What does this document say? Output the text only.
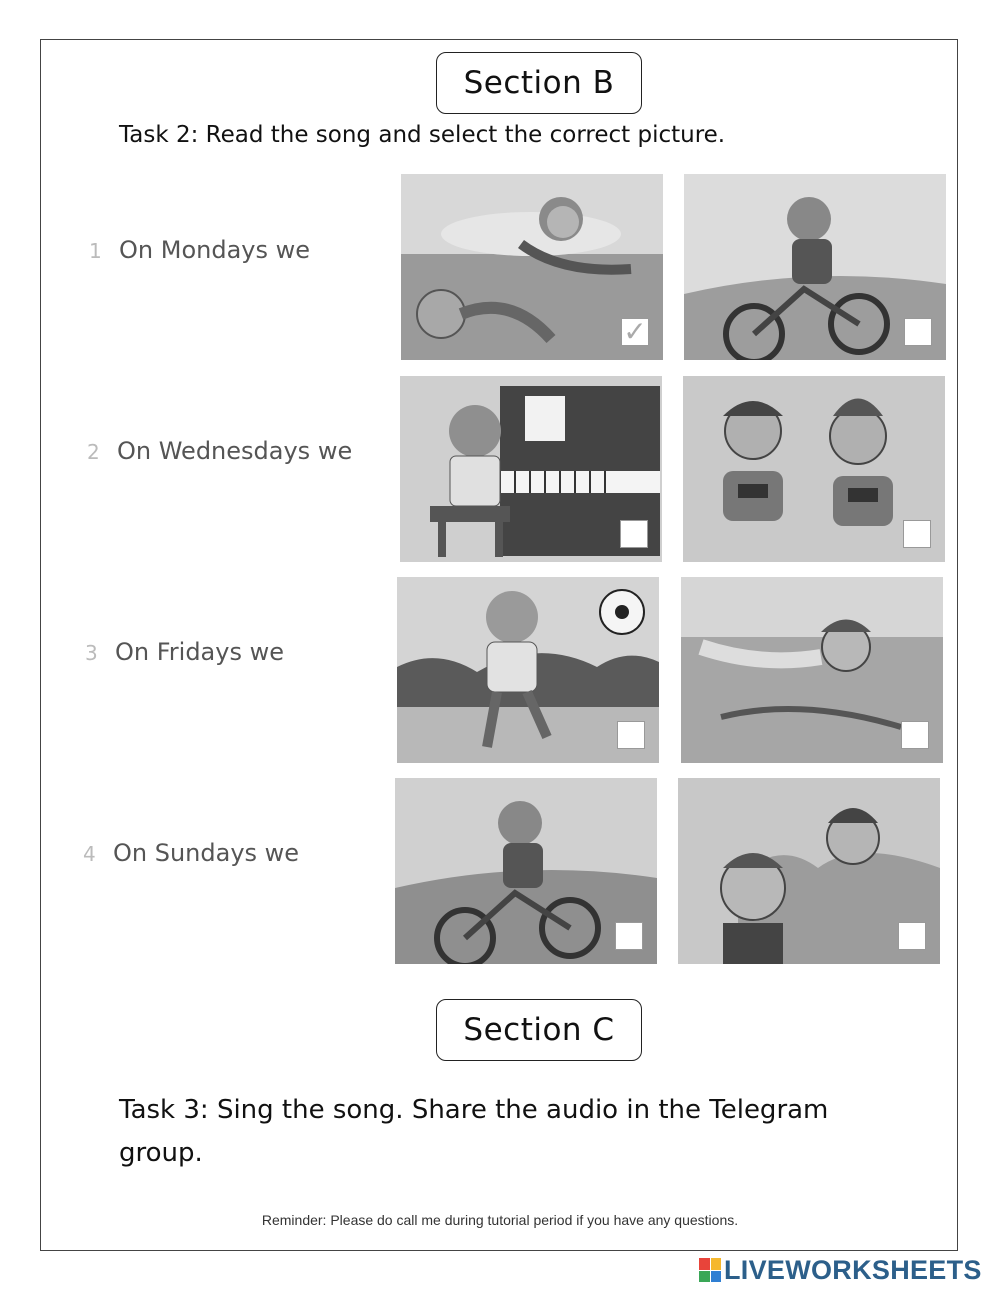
Section B
Task 2: Read the song and select the correct picture.
1 On Mondays we
✓
2 On Wednesdays we
3 On Fridays we
4 On Sundays we
Section C
Task 3: Sing the song. Share the audio in the Telegram
group.
Reminder: Please do call me during tutorial period if you have any questions.
LIVEWORKSHEETS
